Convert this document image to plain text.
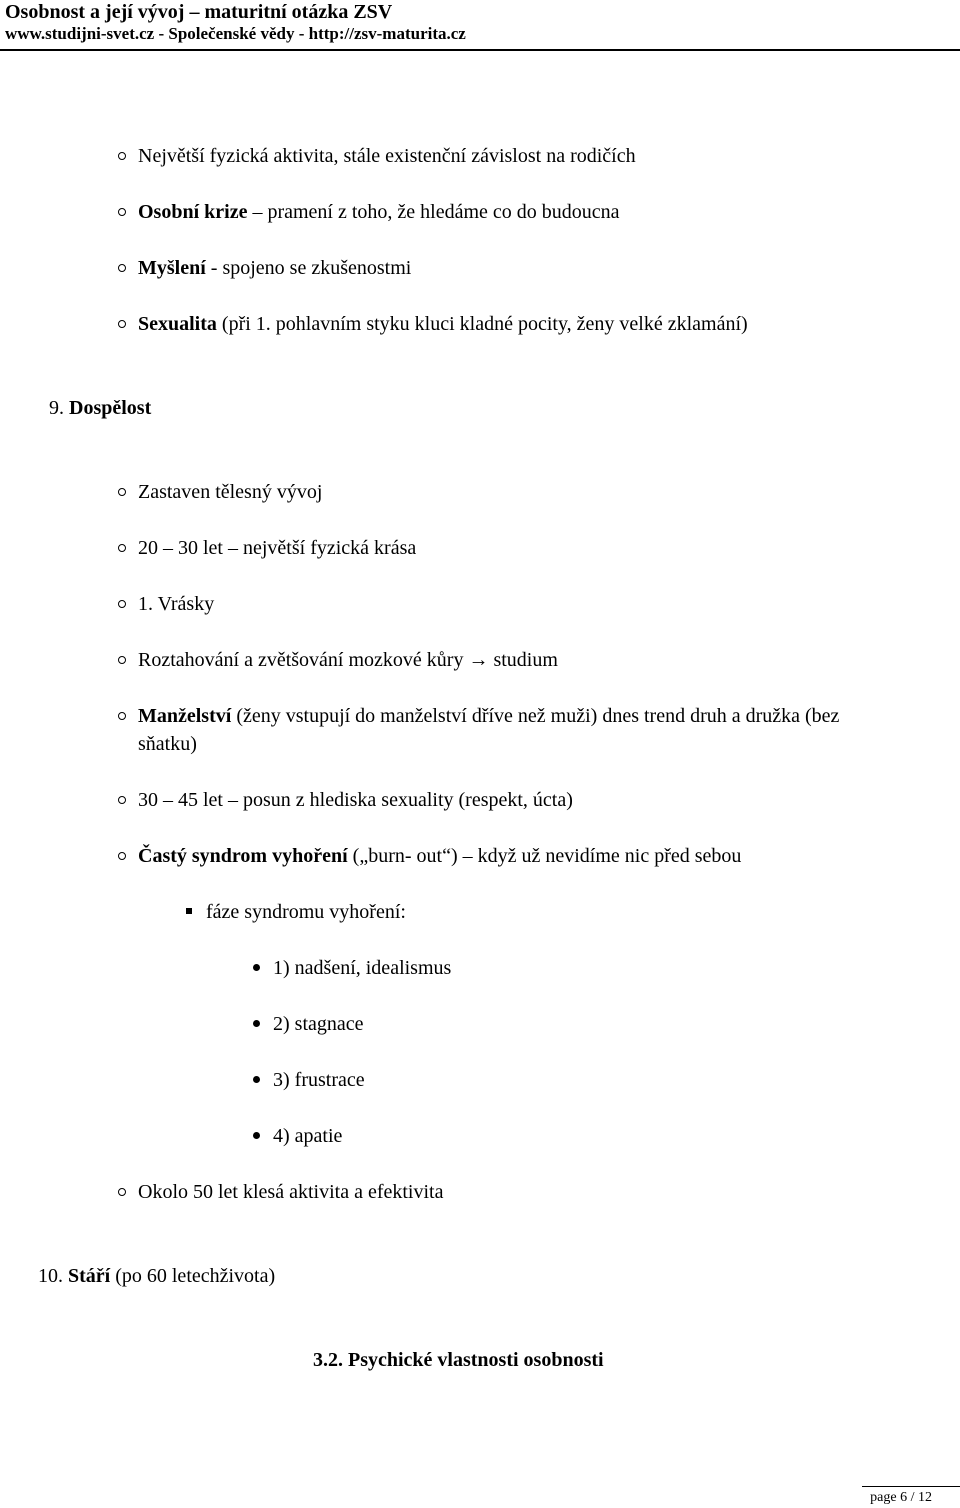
Osobnost a její vývoj – maturitní otázka ZSV
www.studijni-svet.cz - Společenské vědy - http://zsv-maturita.cz
Největší fyzická aktivita, stále existenční závislost na rodičích
Osobní krize – pramení z toho, že hledáme co do budoucna
Myšlení - spojeno se zkušenostmi
Sexualita (při 1. pohlavním styku kluci kladné pocity, ženy velké zklamání)
9. Dospělost
Zastaven tělesný vývoj
20 – 30 let – největší fyzická krása
1. Vrásky
Roztahování a zvětšování mozkové kůry → studium
Manželství (ženy vstupují do manželství dříve než muži) dnes trend druh a družka (bez
sňatku)
30 – 45 let – posun z hlediska sexuality (respekt, úcta)
Častý syndrom vyhoření („burn- out“) – když už nevidíme nic před sebou
fáze syndromu vyhoření:
1) nadšení, idealismus
2) stagnace
3) frustrace
4) apatie
Okolo 50 let klesá aktivita a efektivita
10. Stáří (po 60 letechživota)
3.2. Psychické vlastnosti osobnosti
page 6 / 12
